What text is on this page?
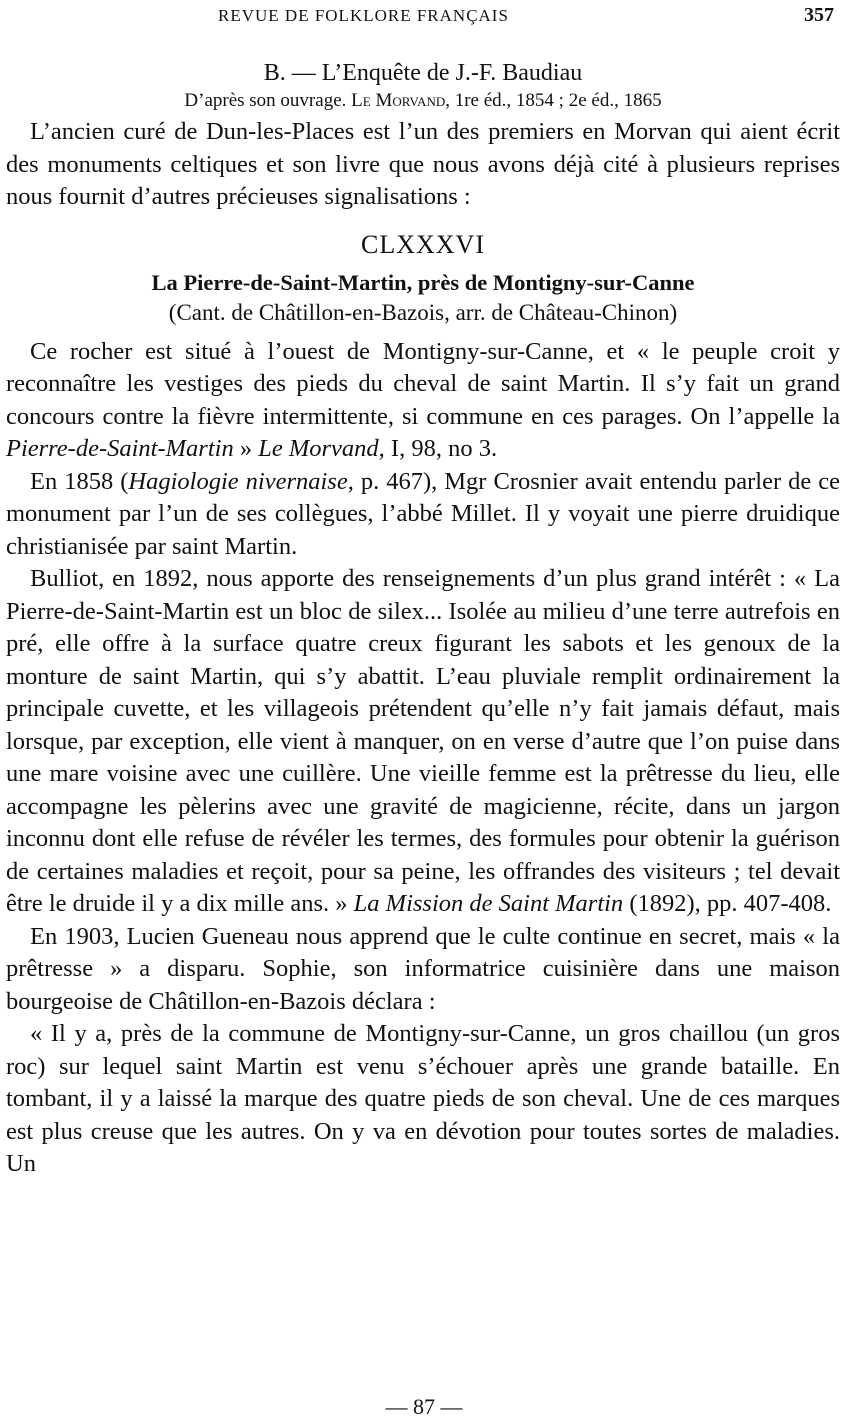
REVUE DE FOLKLORE FRANÇAIS	357
B. — L’Enquête de J.-F. Baudiau
D’après son ouvrage. Le Morvand, 1re éd., 1854 ; 2e éd., 1865

L’ancien curé de Dun-les-Places est l’un des premiers en Morvan qui aient écrit des monuments celtiques et son livre que nous avons déjà cité à plusieurs reprises nous fournit d’autres précieuses signalisations :

CLXXXVI
La Pierre-de-Saint-Martin, près de Montigny-sur-Canne
(Cant. de Châtillon-en-Bazois, arr. de Château-Chinon)

Ce rocher est situé à l’ouest de Montigny-sur-Canne, et « le peuple croit y reconnaître les vestiges des pieds du cheval de saint Martin. Il s’y fait un grand concours contre la fièvre intermittente, si commune en ces parages. On l’appelle la Pierre-de-Saint-Martin » Le Morvand, I, 98, no 3.

En 1858 (Hagiologie nivernaise, p. 467), Mgr Crosnier avait entendu parler de ce monument par l’un de ses collègues, l’abbé Millet. Il y voyait une pierre druidique christianisée par saint Martin.

Bulliot, en 1892, nous apporte des renseignements d’un plus grand intérêt : « La Pierre-de-Saint-Martin est un bloc de silex... Isolée au milieu d’une terre autrefois en pré, elle offre à la surface quatre creux figurant les sabots et les genoux de la monture de saint Martin, qui s’y abattit. L’eau pluviale remplit ordinairement la principale cuvette, et les villageois prétendent qu’elle n’y fait jamais défaut, mais lorsque, par exception, elle vient à manquer, on en verse d’autre que l’on puise dans une mare voisine avec une cuillère. Une vieille femme est la prêtresse du lieu, elle accompagne les pèlerins avec une gravité de magicienne, récite, dans un jargon inconnu dont elle refuse de révéler les termes, des formules pour obtenir la guérison de certaines maladies et reçoit, pour sa peine, les offrandes des visiteurs ; tel devait être le druide il y a dix mille ans. » La Mission de Saint Martin (1892), pp. 407-408.

En 1903, Lucien Gueneau nous apprend que le culte continue en secret, mais « la prêtresse » a disparu. Sophie, son informatrice cuisinière dans une maison bourgeoise de Châtillon-en-Bazois déclara :

« Il y a, près de la commune de Montigny-sur-Canne, un gros chaillou (un gros roc) sur lequel saint Martin est venu s’échouer après une grande bataille. En tombant, il y a laissé la marque des quatre pieds de son cheval. Une de ces marques est plus creuse que les autres. On y va en dévotion pour toutes sortes de maladies. Un

— 87 —
